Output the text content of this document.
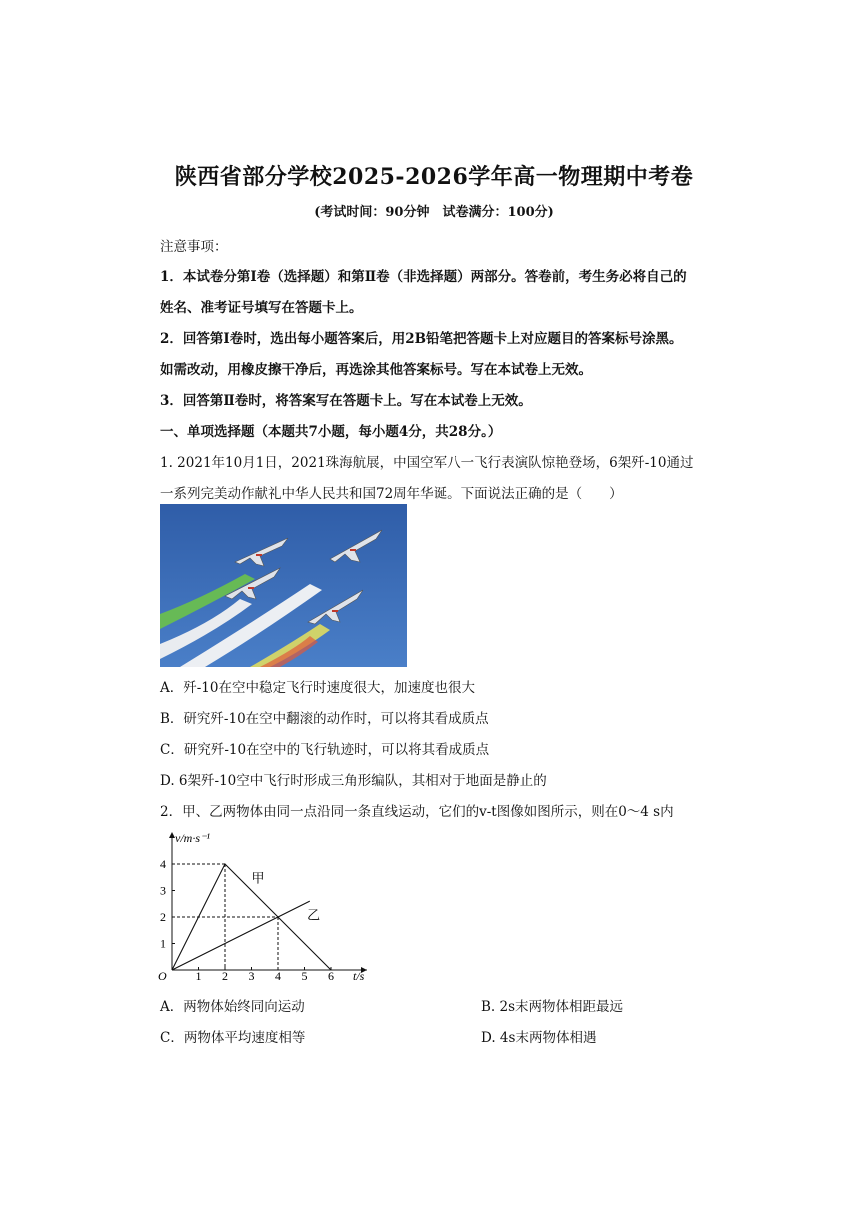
陕西省部分学校2025-2026学年高一物理期中考卷
(考试时间：90分钟　试卷满分：100分)
注意事项：
1．本试卷分第Ⅰ卷（选择题）和第Ⅱ卷（非选择题）两部分。答卷前，考生务必将自己的
姓名、准考证号填写在答题卡上。
2．回答第Ⅰ卷时，选出每小题答案后，用2B铅笔把答题卡上对应题目的答案标号涂黑。
如需改动，用橡皮擦干净后，再选涂其他答案标号。写在本试卷上无效。
3．回答第Ⅱ卷时，将答案写在答题卡上。写在本试卷上无效。
一、单项选择题（本题共7小题，每小题4分，共28分。）
1. 2021年10月1日，2021珠海航展，中国空军八一飞行表演队惊艳登场，6架歼-10通过
一系列完美动作献礼中华人民共和国72周年华诞。下面说法正确的是（　　）
A．歼-10在空中稳定飞行时速度很大，加速度也很大
B．研究歼-10在空中翻滚的动作时，可以将其看成质点
C．研究歼-10在空中的飞行轨迹时，可以将其看成质点
D. 6架歼-10空中飞行时形成三角形编队，其相对于地面是静止的
2．甲、乙两物体由同一点沿同一条直线运动，它们的v-t图像如图所示，则在0～4 s内
v/m·s⁻¹
t/s
O 1 2 3 4 5 6
1
2
3
4
甲
乙
A．两物体始终同向运动	B. 2s末两物体相距最远
C．两物体平均速度相等	D. 4s末两物体相遇
